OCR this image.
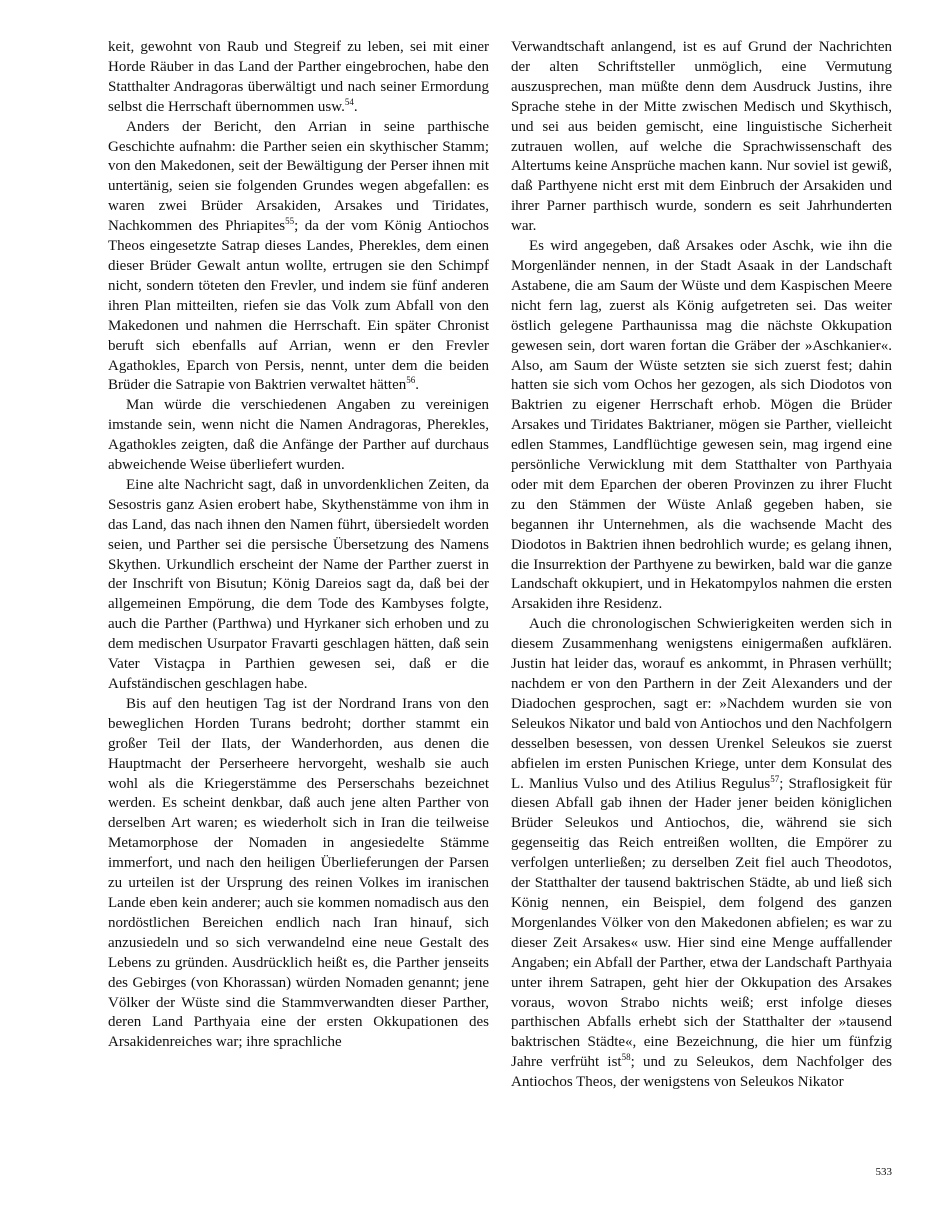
keit, gewohnt von Raub und Stegreif zu leben, sei mit einer Horde Räuber in das Land der Parther eingebrochen, habe den Statthalter Andragoras überwältigt und nach seiner Ermordung selbst die Herrschaft übernommen usw.$^{54}$.

Anders der Bericht, den Arrian in seine parthische Geschichte aufnahm: die Parther seien ein skythischer Stamm; von den Makedonen, seit der Bewältigung der Perser ihnen mit untertänig, seien sie folgenden Grundes wegen abgefallen: es waren zwei Brüder Arsakiden, Arsakes und Tiridates, Nachkommen des Phriapites$^{55}$; da der vom König Antiochos Theos eingesetzte Satrap dieses Landes, Pherekles, dem einen dieser Brüder Gewalt antun wollte, ertrugen sie den Schimpf nicht, sondern töteten den Frevler, und indem sie fünf anderen ihren Plan mitteilten, riefen sie das Volk zum Abfall von den Makedonen und nahmen die Herrschaft. Ein später Chronist beruft sich ebenfalls auf Arrian, wenn er den Frevler Agathokles, Eparch von Persis, nennt, unter dem die beiden Brüder die Satrapie von Baktrien verwaltet hätten$^{56}$.

Man würde die verschiedenen Angaben zu vereinigen imstande sein, wenn nicht die Namen Andragoras, Pherekles, Agathokles zeigten, daß die Anfänge der Parther auf durchaus abweichende Weise überliefert wurden.

Eine alte Nachricht sagt, daß in unvordenklichen Zeiten, da Sesostris ganz Asien erobert habe, Skythenstämme von ihm in das Land, das nach ihnen den Namen führt, übersiedelt worden seien, und Parther sei die persische Übersetzung des Namens Skythen. Urkundlich erscheint der Name der Parther zuerst in der Inschrift von Bisutun; König Dareios sagt da, daß bei der allgemeinen Empörung, die dem Tode des Kambyses folgte, auch die Parther (Parthwa) und Hyrkaner sich erhoben und zu dem medischen Usurpator Fravarti geschlagen hätten, daß sein Vater Vistaçpa in Parthien gewesen sei, daß er die Aufständischen geschlagen habe.

Bis auf den heutigen Tag ist der Nordrand Irans von den beweglichen Horden Turans bedroht; dorther stammt ein großer Teil der Ilats, der Wanderhorden, aus denen die Hauptmacht der Perserheere hervorgeht, weshalb sie auch wohl als die Kriegerstämme des Perserschahs bezeichnet werden. Es scheint denkbar, daß auch jene alten Parther von derselben Art waren; es wiederholt sich in Iran die teilweise Metamorphose der Nomaden in angesiedelte Stämme immerfort, und nach den heiligen Überlieferungen der Parsen zu urteilen ist der Ursprung des reinen Volkes im iranischen Lande eben kein anderer; auch sie kommen nomadisch aus den nordöstlichen Bereichen endlich nach Iran hinauf, sich anzusiedeln und so sich verwandelnd eine neue Gestalt des Lebens zu gründen. Ausdrücklich heißt es, die Parther jenseits des Gebirges (von Khorassan) würden Nomaden genannt; jene Völker der Wüste sind die Stammverwandten dieser Parther, deren Land Parthyaia eine der ersten Okkupationen des Arsakidenreiches war; ihre sprachliche

Verwandtschaft anlangend, ist es auf Grund der Nachrichten der alten Schriftsteller unmöglich, eine Vermutung auszusprechen, man müßte denn dem Ausdruck Justins, ihre Sprache stehe in der Mitte zwischen Medisch und Skythisch, und sei aus beiden gemischt, eine linguistische Sicherheit zutrauen wollen, auf welche die Sprachwissenschaft des Altertums keine Ansprüche machen kann. Nur soviel ist gewiß, daß Parthyene nicht erst mit dem Einbruch der Arsakiden und ihrer Parner parthisch wurde, sondern es seit Jahrhunderten war.

Es wird angegeben, daß Arsakes oder Aschk, wie ihn die Morgenländer nennen, in der Stadt Asaak in der Landschaft Astabene, die am Saum der Wüste und dem Kaspischen Meere nicht fern lag, zuerst als König aufgetreten sei. Das weiter östlich gelegene Parthaunissa mag die nächste Okkupation gewesen sein, dort waren fortan die Gräber der »Aschkanier«. Also, am Saum der Wüste setzten sie sich zuerst fest; dahin hatten sie sich vom Ochos her gezogen, als sich Diodotos von Baktrien zu eigener Herrschaft erhob. Mögen die Brüder Arsakes und Tiridates Baktrianer, mögen sie Parther, vielleicht edlen Stammes, Landflüchtige gewesen sein, mag irgend eine persönliche Verwicklung mit dem Statthalter von Parthyaia oder mit dem Eparchen der oberen Provinzen zu ihrer Flucht zu den Stämmen der Wüste Anlaß gegeben haben, sie begannen ihr Unternehmen, als die wachsende Macht des Diodotos in Baktrien ihnen bedrohlich wurde; es gelang ihnen, die Insurrektion der Parthyene zu bewirken, bald war die ganze Landschaft okkupiert, und in Hekatompylos nahmen die ersten Arsakiden ihre Residenz.

Auch die chronologischen Schwierigkeiten werden sich in diesem Zusammenhang wenigstens einigermaßen aufklären. Justin hat leider das, worauf es ankommt, in Phrasen verhüllt; nachdem er von den Parthern in der Zeit Alexanders und der Diadochen gesprochen, sagt er: »Nachdem wurden sie von Seleukos Nikator und bald von Antiochos und den Nachfolgern desselben besessen, von dessen Urenkel Seleukos sie zuerst abfielen im ersten Punischen Kriege, unter dem Konsulat des L. Manlius Vulso und des Atilius Regulus$^{57}$; Straflosigkeit für diesen Abfall gab ihnen der Hader jener beiden königlichen Brüder Seleukos und Antiochos, die, während sie sich gegenseitig das Reich entreißen wollten, die Empörer zu verfolgen unterließen; zu derselben Zeit fiel auch Theodotos, der Statthalter der tausend baktrischen Städte, ab und ließ sich König nennen, ein Beispiel, dem folgend des ganzen Morgenlandes Völker von den Makedonen abfielen; es war zu dieser Zeit Arsakes« usw. Hier sind eine Menge auffallender Angaben; ein Abfall der Parther, etwa der Landschaft Parthyaia unter ihrem Satrapen, geht hier der Okkupation des Arsakes voraus, wovon Strabo nichts weiß; erst infolge dieses parthischen Abfalls erhebt sich der Statthalter der »tausend baktrischen Städte«, eine Bezeichnung, die hier um fünfzig Jahre verfrüht ist$^{58}$; und zu Seleukos, dem Nachfolger des Antiochos Theos, der wenigstens von Seleukos Nikator

533
